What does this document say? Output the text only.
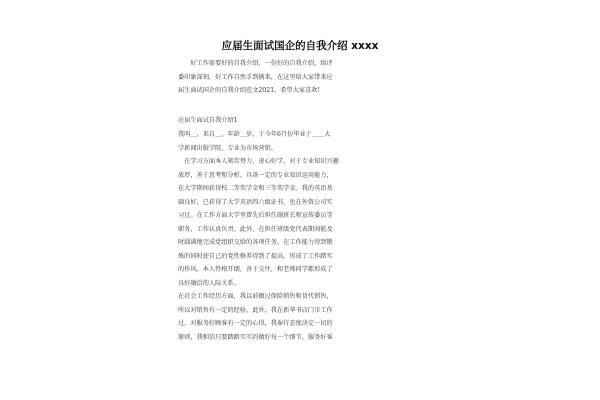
应届生面试国企的自我介绍 xxxx
　　好工作需要好的自我介绍，一份好的自我介绍，给评
委印象深刻，好工作自然手到擒来，在这里给大家带来应
届生面试国企的自我介绍范文2021，希望大家喜欢!
应届生面试自我介绍1
我叫＿，来自＿，年龄＿岁，于今年6月份毕业于＿＿大
学新闻出版学院，专业为市场营销。
　在学习方面本人刻苦努力，虚心好学，对于专业知识兴趣
浓厚，善于思考和分析，具备一定的专业知识运用能力，
在大学期间获得校二等奖学金和三等奖学金。我的英语基
础良好，已获得了大学英语四六级证书，也在外资公司实
习过。在工作方面大学里曾先后担任副班长和宣传委员等
职务，工作认真负责。此外，在担任班级党代表期间能及
时圆满地完成党组织交给的各项任务，在工作能力得到锻
炼的同时使自己的党性修养得到了提高，形成了工作踏实
的作风。本人性格开朗，善于交往，和老师同学都形成了
良好融洽的人际关系。
在社会工作经历方面，我以前做过保险销售和货代销售，
所以对销售有一定的经验。此外，我在新华书店门市工作
过，对服务好顾客有一定的心得，我奉行态度决定一切的
原则，我相信只要踏踏实实的做好每一个细节，服务好客
